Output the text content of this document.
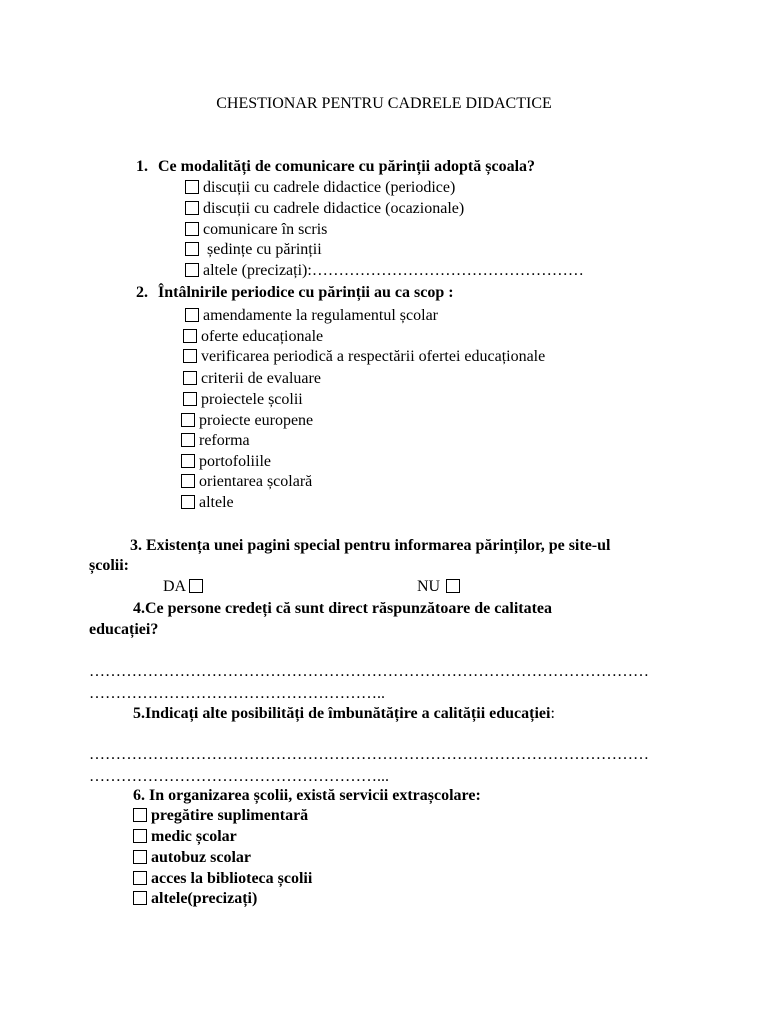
CHESTIONAR PENTRU CADRELE DIDACTICE
1. Ce modalități de comunicare cu părinții adoptă școala?
discuții cu cadrele didactice (periodice)
discuții cu cadrele didactice (ocazionale)
comunicare în scris
ședințe cu părinții
altele (precizați):……………………………………………
2. Întâlnirile periodice cu părinții au ca scop :
amendamente la regulamentul școlar
oferte educaționale
verificarea periodică a respectării ofertei educaționale
criterii de evaluare
proiectele școlii
proiecte europene
reforma
portofoliile
orientarea școlară
altele
3. Existența unei pagini special pentru informarea părinților, pe site-ul
școlii:
DA	NU
4.Ce persone credeți că sunt direct răspunzătoare de calitatea
educației?
……………………………………………………………………………………………
………………………………………………..
5.Indicați alte posibilități de îmbunătățire a calității educației:
……………………………………………………………………………………………
………………………………………………...
6. In organizarea școlii, există servicii extrașcolare:
pregătire suplimentară
medic școlar
autobuz scolar
acces la biblioteca școlii
altele(precizați)
